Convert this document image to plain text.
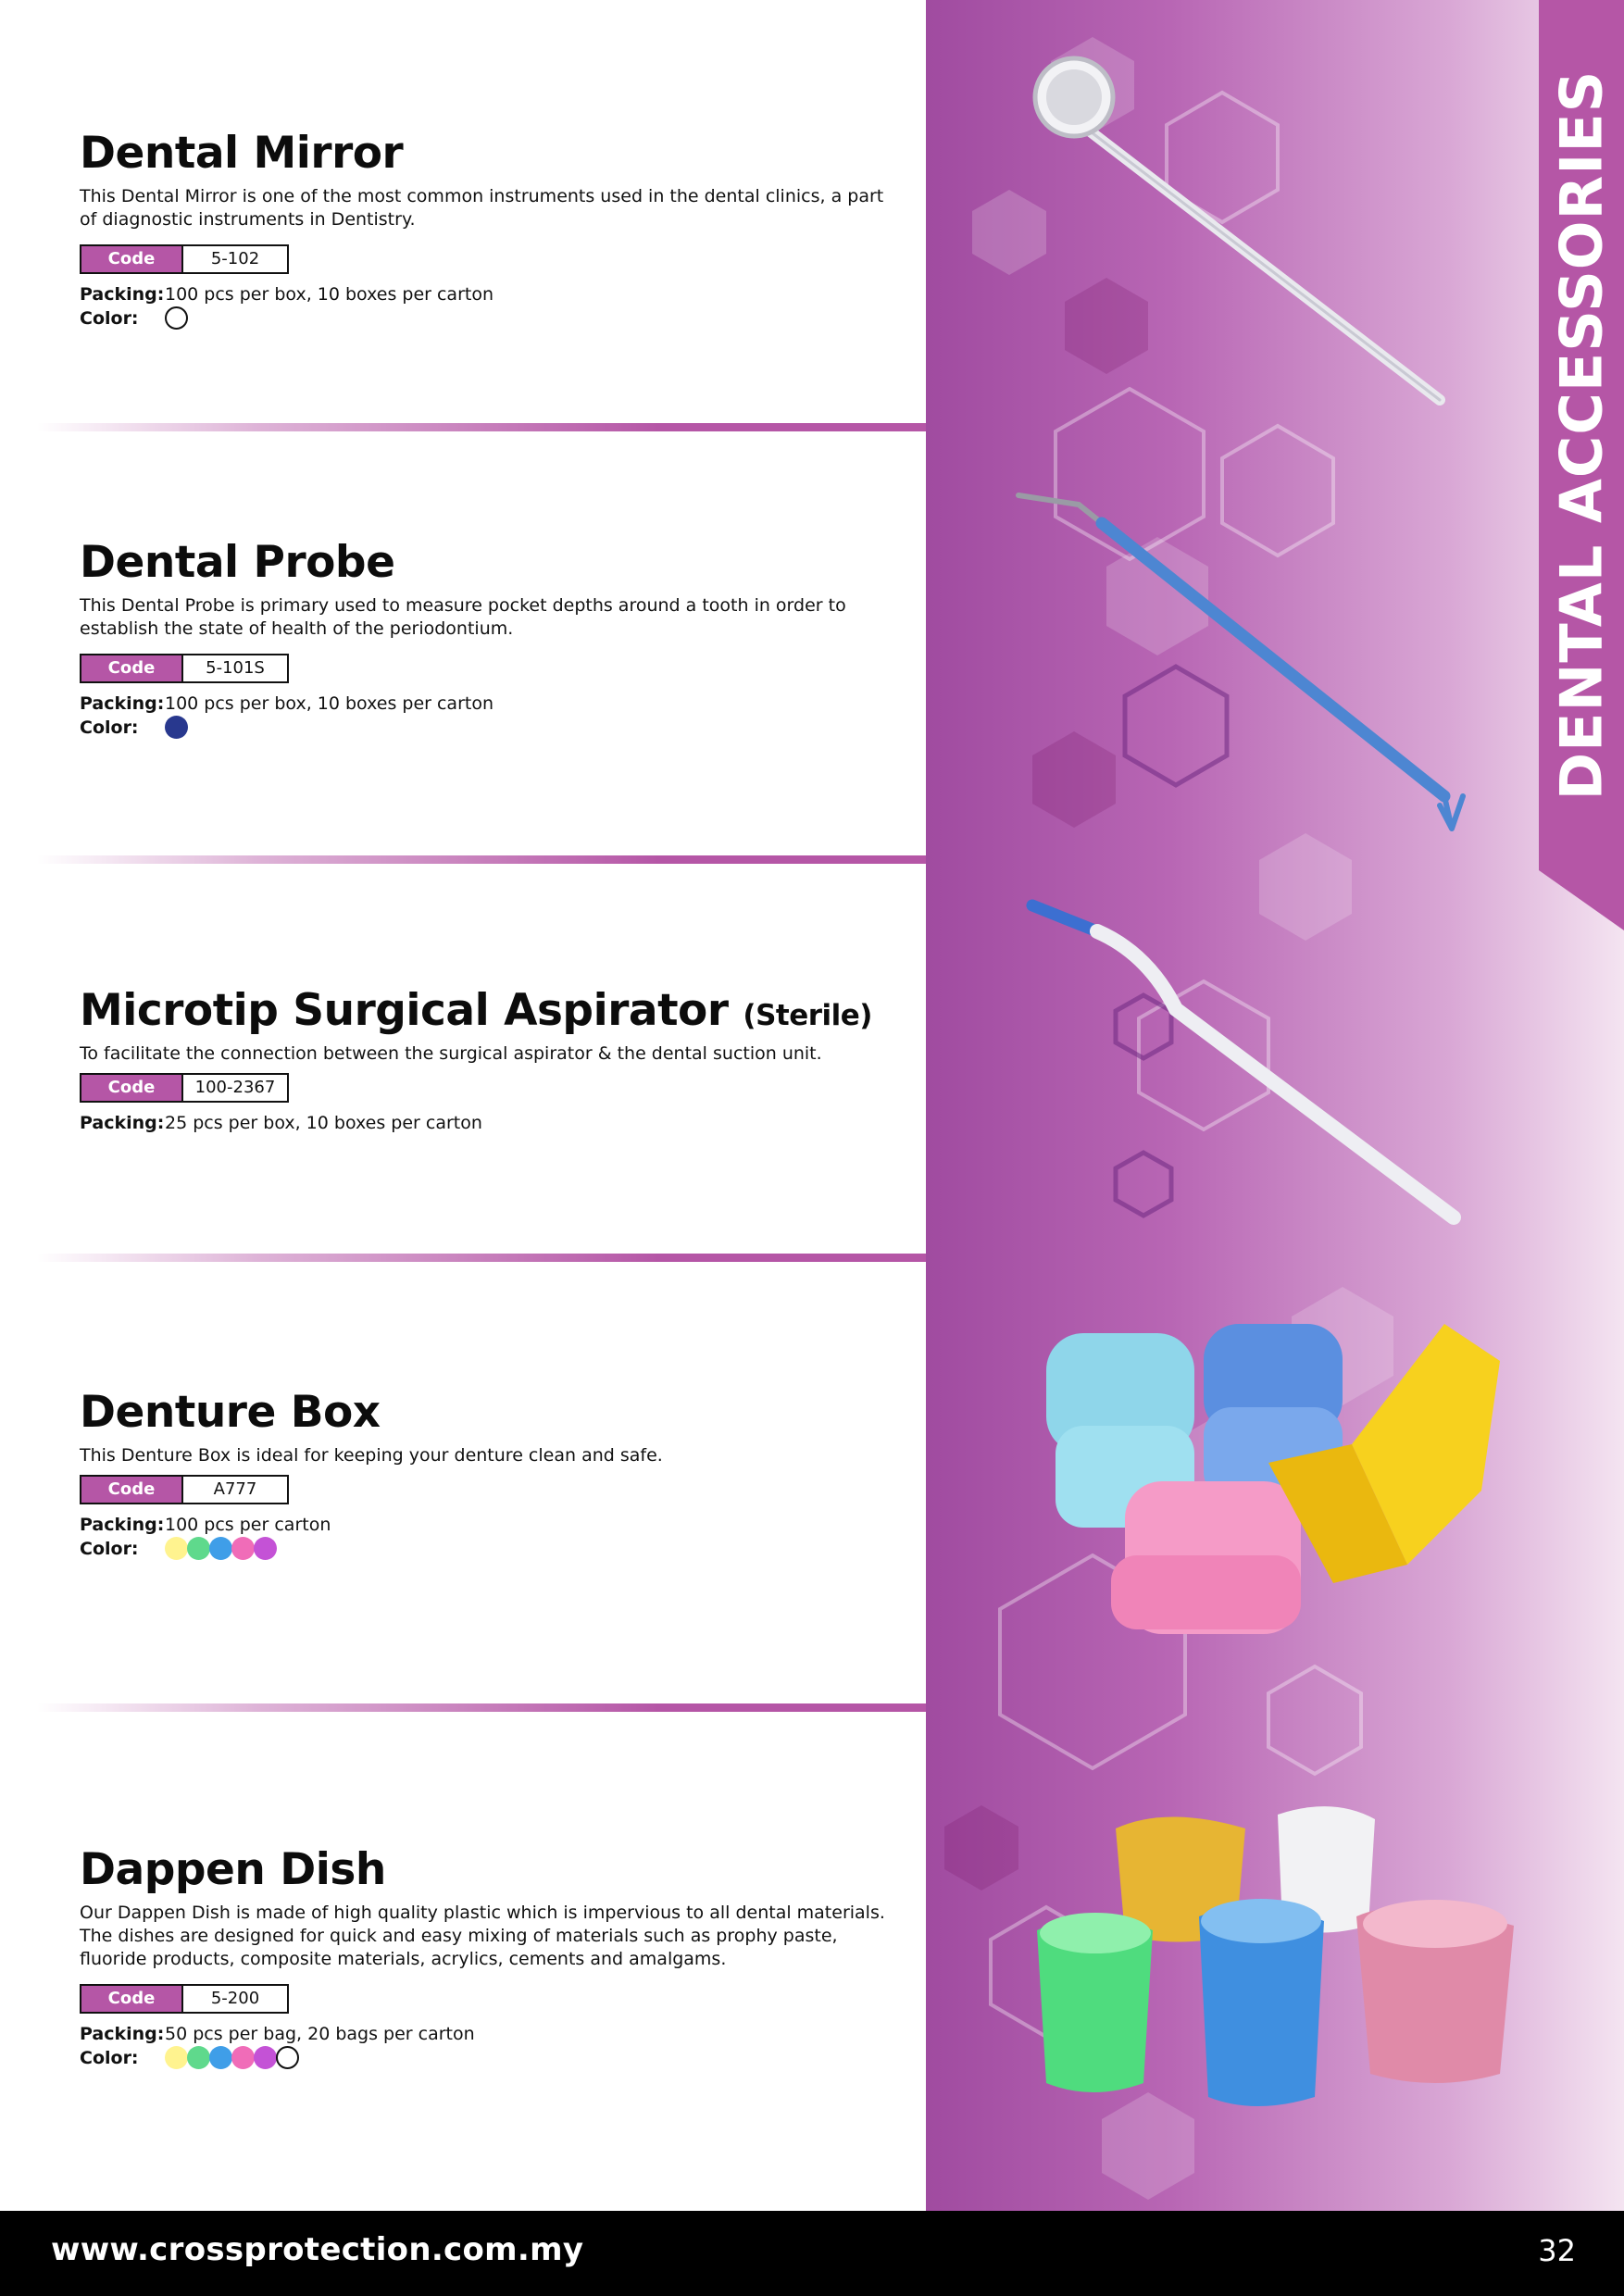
DENTAL ACCESSORIES
Dental Mirror

This Dental Mirror is one of the most common instruments used in the dental clinics, a part of diagnostic instruments in Dentistry.

Code	5-102
Packing: 100 pcs per box, 10 boxes per carton
Color:
Dental Probe

This Dental Probe is primary used to measure pocket depths around a tooth in order to establish the state of health of the periodontium.

Code	5-101S
Packing: 100 pcs per box, 10 boxes per carton
Color:
Microtip Surgical Aspirator (Sterile)

To facilitate the connection between the surgical aspirator & the dental suction unit.

Code	100-2367
Packing: 25 pcs per box, 10 boxes per carton
Denture Box

This Denture Box is ideal for keeping your denture clean and safe.

Code	A777
Packing: 100 pcs per carton
Color:
Dappen Dish

Our Dappen Dish is made of high quality plastic which is impervious to all dental materials. The dishes are designed for quick and easy mixing of materials such as prophy paste, fluoride products, composite materials, acrylics, cements and amalgams.

Code	5-200
Packing: 50 pcs per bag, 20 bags per carton
Color:
www.crossprotection.com.my	32
